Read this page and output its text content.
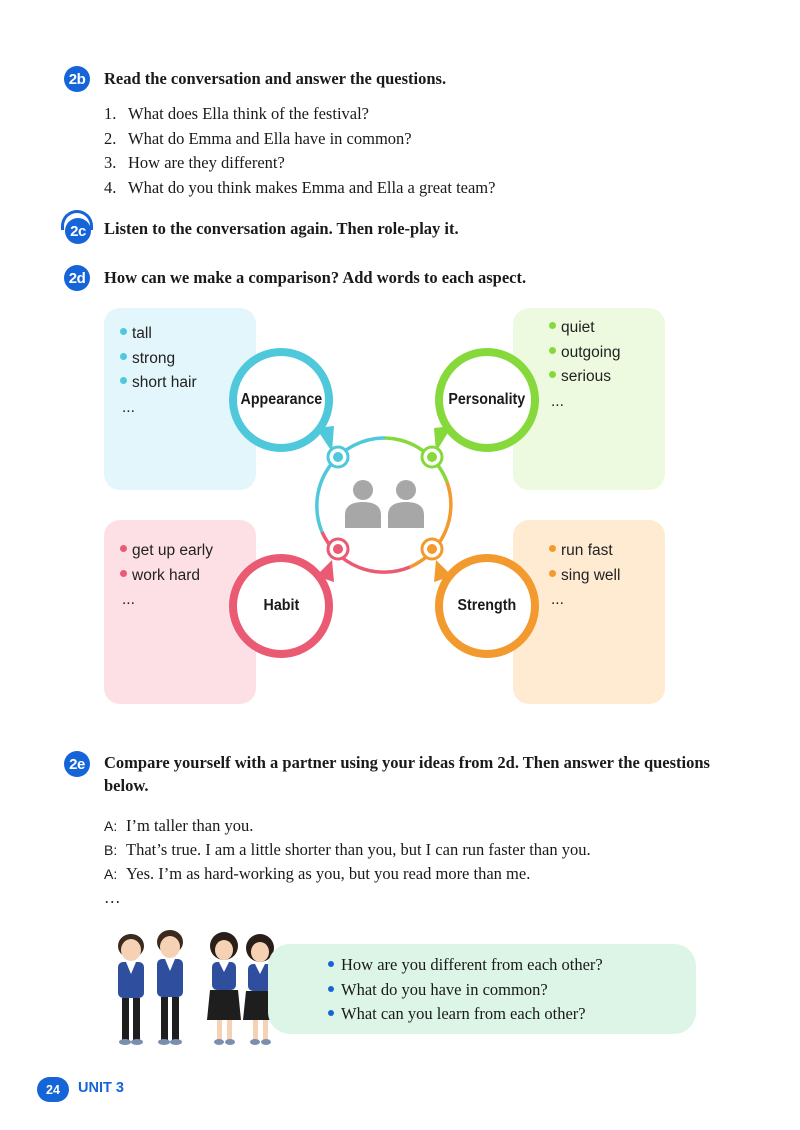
2b Read the conversation and answer the questions.
1. What does Ella think of the festival?
2. What do Emma and Ella have in common?
3. How are they different?
4. What do you think makes Emma and Ella a great team?
2c	Listen to the conversation again. Then role-play it.
2d How can we make a comparison? Add words to each aspect.
tall
strong
short hair
...
quiet
outgoing
serious
...
get up early
work hard
...
run fast
sing well
...
Appearance	Personality
Habit	Strength
2e	Compare yourself with a partner using your ideas from 2d. Then answer the questions below.
A: I’m taller than you.
B: That’s true. I am a little shorter than you, but I can run faster than you.
A: Yes. I’m as hard-working as you, but you read more than me.
…
How are you different from each other?
What do you have in common?
What can you learn from each other?
24	UNIT 3
